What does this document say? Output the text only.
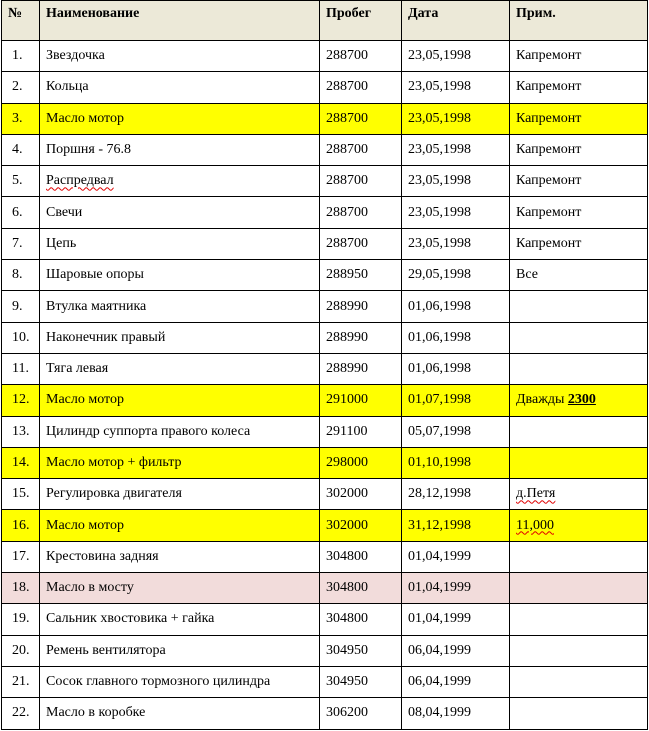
№	Наименование	Пробег	Дата	Прим.
1.	Звездочка	288700	23,05,1998	Капремонт
2.	Кольца	288700	23,05,1998	Капремонт
3.	Масло мотор	288700	23,05,1998	Капремонт
4.	Поршня - 76.8	288700	23,05,1998	Капремонт
5.	Распредвал	288700	23,05,1998	Капремонт
6.	Свечи	288700	23,05,1998	Капремонт
7.	Цепь	288700	23,05,1998	Капремонт
8.	Шаровые опоры	288950	29,05,1998	Все
9.	Втулка маятника	288990	01,06,1998	
10.	Наконечник правый	288990	01,06,1998	
11.	Тяга левая	288990	01,06,1998	
12.	Масло мотор	291000	01,07,1998	Дважды 2300
13.	Цилиндр суппорта правого колеса	291100	05,07,1998	
14.	Масло мотор + фильтр	298000	01,10,1998	
15.	Регулировка двигателя	302000	28,12,1998	д.Петя
16.	Масло мотор	302000	31,12,1998	11,000
17.	Крестовина задняя	304800	01,04,1999	
18.	Масло в мосту	304800	01,04,1999	
19.	Сальник хвостовика + гайка	304800	01,04,1999	
20.	Ремень вентилятора	304950	06,04,1999	
21.	Сосок главного тормозного цилиндра	304950	06,04,1999	
22.	Масло в коробке	306200	08,04,1999	
